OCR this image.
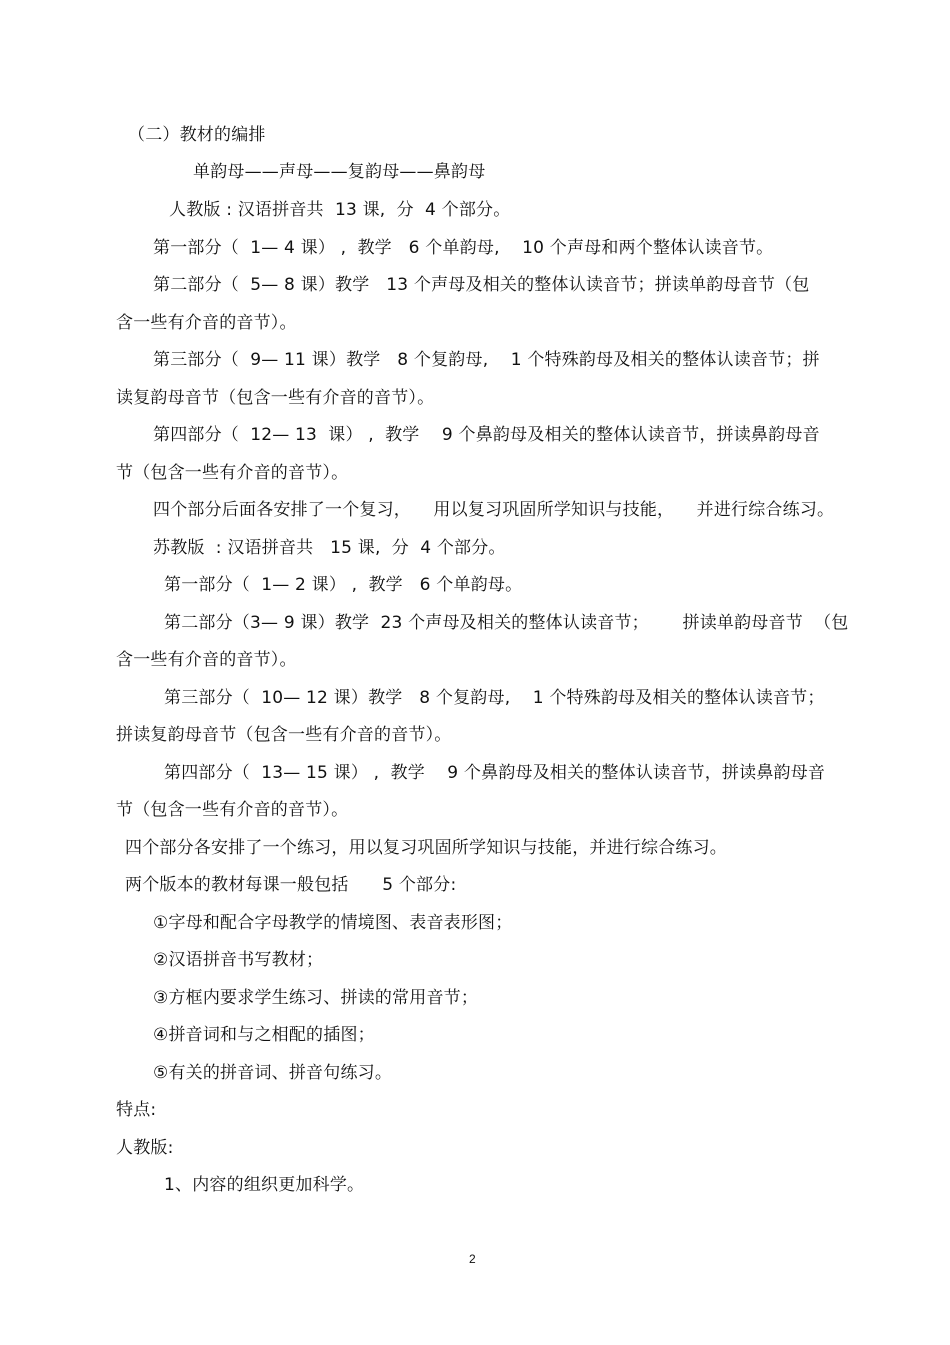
（二）教材的编排
单韵母——声母——复韵母——鼻韵母
人教版 : 汉语拼音共  13 课,  分  4 个部分。
第一部分（  1— 4 课） ,  教学   6 个单韵母,    10 个声母和两个整体认读音节。
第二部分（  5— 8 课）教学   13 个声母及相关的整体认读音节；拼读单韵母音节（包
含一些有介音的音节）。
第三部分（  9— 11 课）教学   8 个复韵母,    1 个特殊韵母及相关的整体认读音节；拼
读复韵母音节（包含一些有介音的音节）。
第四部分（  12— 13  课） ,  教学    9 个鼻韵母及相关的整体认读音节，拼读鼻韵母音
节（包含一些有介音的音节）。
四个部分后面各安排了一个复习，    用以复习巩固所学知识与技能，    并进行综合练习。
苏教版  : 汉语拼音共   15 课,  分  4 个部分。
第一部分（  1— 2 课） ,  教学   6 个单韵母。
第二部分（3— 9 课）教学  23 个声母及相关的整体认读音节；      拼读单韵母音节  （包
含一些有介音的音节）。
第三部分（  10— 12 课）教学   8 个复韵母,    1 个特殊韵母及相关的整体认读音节；
拼读复韵母音节（包含一些有介音的音节）。
第四部分（  13— 15 课） ,  教学    9 个鼻韵母及相关的整体认读音节，拼读鼻韵母音
节（包含一些有介音的音节）。
四个部分各安排了一个练习，用以复习巩固所学知识与技能，并进行综合练习。
两个版本的教材每课一般包括      5 个部分:
①字母和配合字母教学的情境图、表音表形图；
②汉语拼音书写教材；
③方框内要求学生练习、拼读的常用音节；
④拼音词和与之相配的插图；
⑤有关的拼音词、拼音句练习。
特点:
人教版:
1、内容的组织更加科学。
2
